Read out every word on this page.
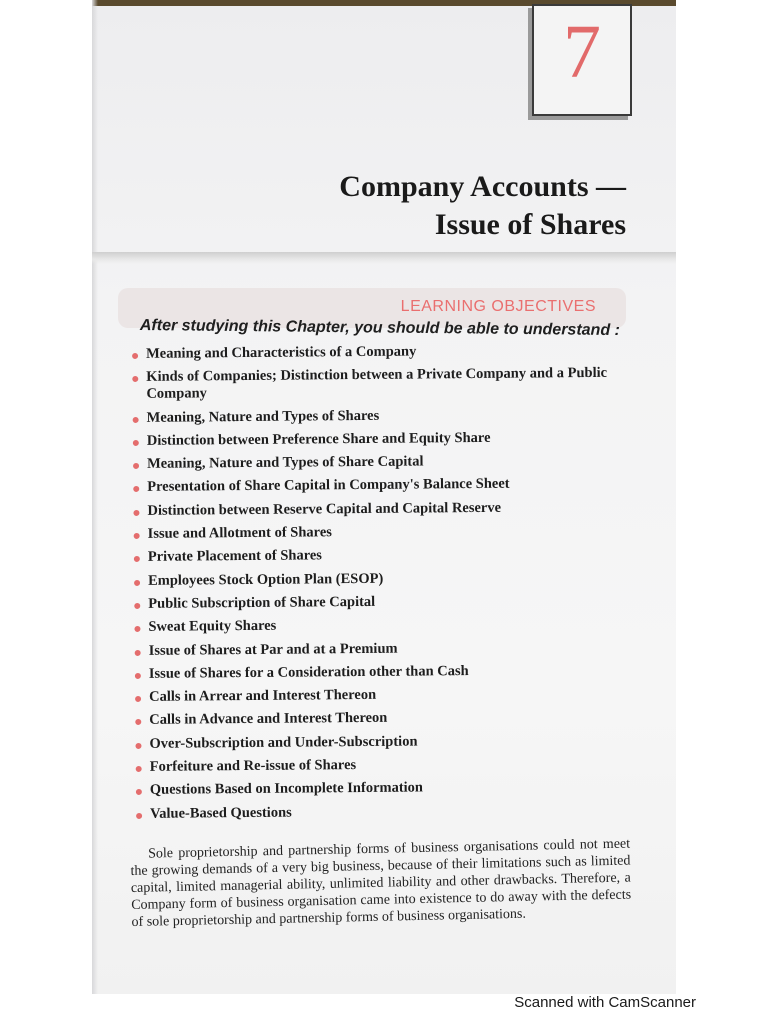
7
Company Accounts —
Issue of Shares
LEARNING OBJECTIVES
After studying this Chapter, you should be able to understand :
Meaning and Characteristics of a Company
Kinds of Companies; Distinction between a Private Company and a Public Company
Meaning, Nature and Types of Shares
Distinction between Preference Share and Equity Share
Meaning, Nature and Types of Share Capital
Presentation of Share Capital in Company's Balance Sheet
Distinction between Reserve Capital and Capital Reserve
Issue and Allotment of Shares
Private Placement of Shares
Employees Stock Option Plan (ESOP)
Public Subscription of Share Capital
Sweat Equity Shares
Issue of Shares at Par and at a Premium
Issue of Shares for a Consideration other than Cash
Calls in Arrear and Interest Thereon
Calls in Advance and Interest Thereon
Over-Subscription and Under-Subscription
Forfeiture and Re-issue of Shares
Questions Based on Incomplete Information
Value-Based Questions

Sole proprietorship and partnership forms of business organisations could not meet the growing demands of a very big business, because of their limitations such as limited capital, limited managerial ability, unlimited liability and other drawbacks. Therefore, a Company form of business organisation came into existence to do away with the defects of sole proprietorship and partnership forms of business organisations.

Scanned with CamScanner
